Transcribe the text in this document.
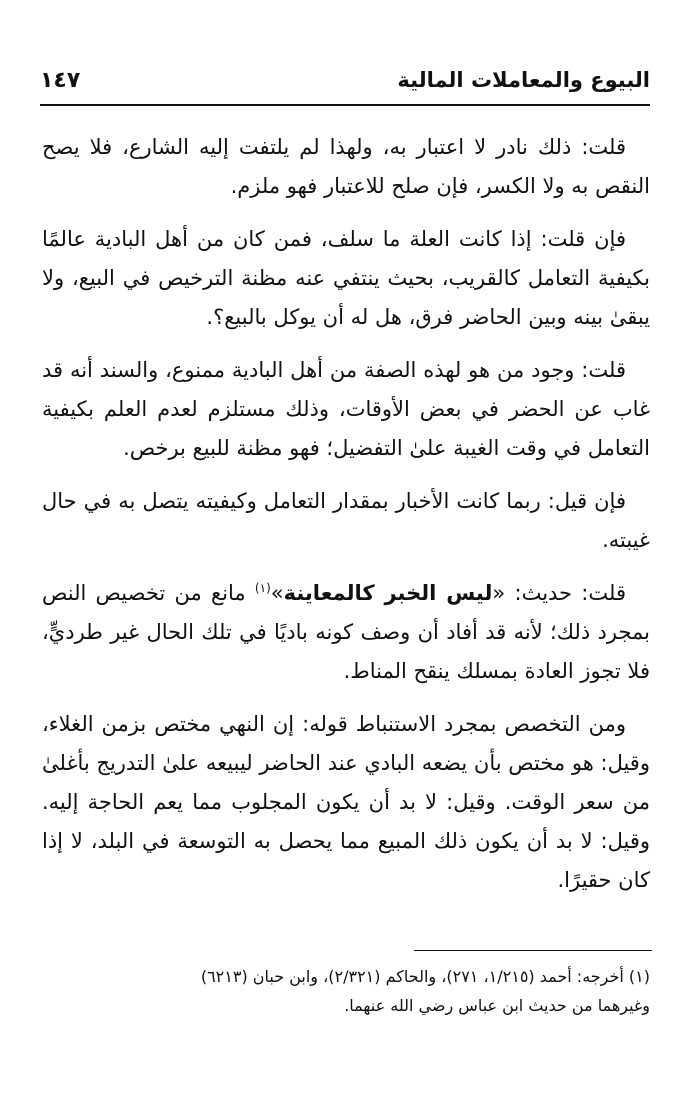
البيوع والمعاملات المالية
١٤٧

قلت: ذلك نادر لا اعتبار به، ولهذا لم يلتفت إليه الشارع، فلا يصح النقص به ولا الكسر، فإن صلح للاعتبار فهو ملزم.

فإن قلت: إذا كانت العلة ما سلف، فمن كان من أهل البادية عالمًا بكيفية التعامل كالقريب، بحيث ينتفي عنه مظنة الترخيص في البيع، ولا يبقىٰ بينه وبين الحاضر فرق، هل له أن يوكل بالبيع؟.

قلت: وجود من هو لهذه الصفة من أهل البادية ممنوع، والسند أنه قد غاب عن الحضر في بعض الأوقات، وذلك مستلزم لعدم العلم بكيفية التعامل في وقت الغيبة علىٰ التفضيل؛ فهو مظنة للبيع برخص.

فإن قيل: ربما كانت الأخبار بمقدار التعامل وكيفيته يتصل به في حال غيبته.

قلت: حديث: «ليس الخبر كالمعاينة»$^{(١)}$ مانع من تخصيص النص بمجرد ذلك؛ لأنه قد أفاد أن وصف كونه باديًا في تلك الحال غير طرديٍّ، فلا تجوز العادة بمسلك ينقح المناط.

ومن التخصص بمجرد الاستنباط قوله: إن النهي مختص بزمن الغلاء، وقيل: هو مختص بأن يضعه البادي عند الحاضر ليبيعه علىٰ التدريج بأغلىٰ من سعر الوقت. وقيل: لا بد أن يكون المجلوب مما يعم الحاجة إليه. وقيل: لا بد أن يكون ذلك المبيع مما يحصل به التوسعة في البلد، لا إذا كان حقيرًا.

(١) أخرجه: أحمد (١/٢١٥، ٢٧١)، والحاكم (٢/٣٢١)، وابن حبان (٦٢١٣)

وغيرهما من حديث ابن عباس رضي الله عنهما.
